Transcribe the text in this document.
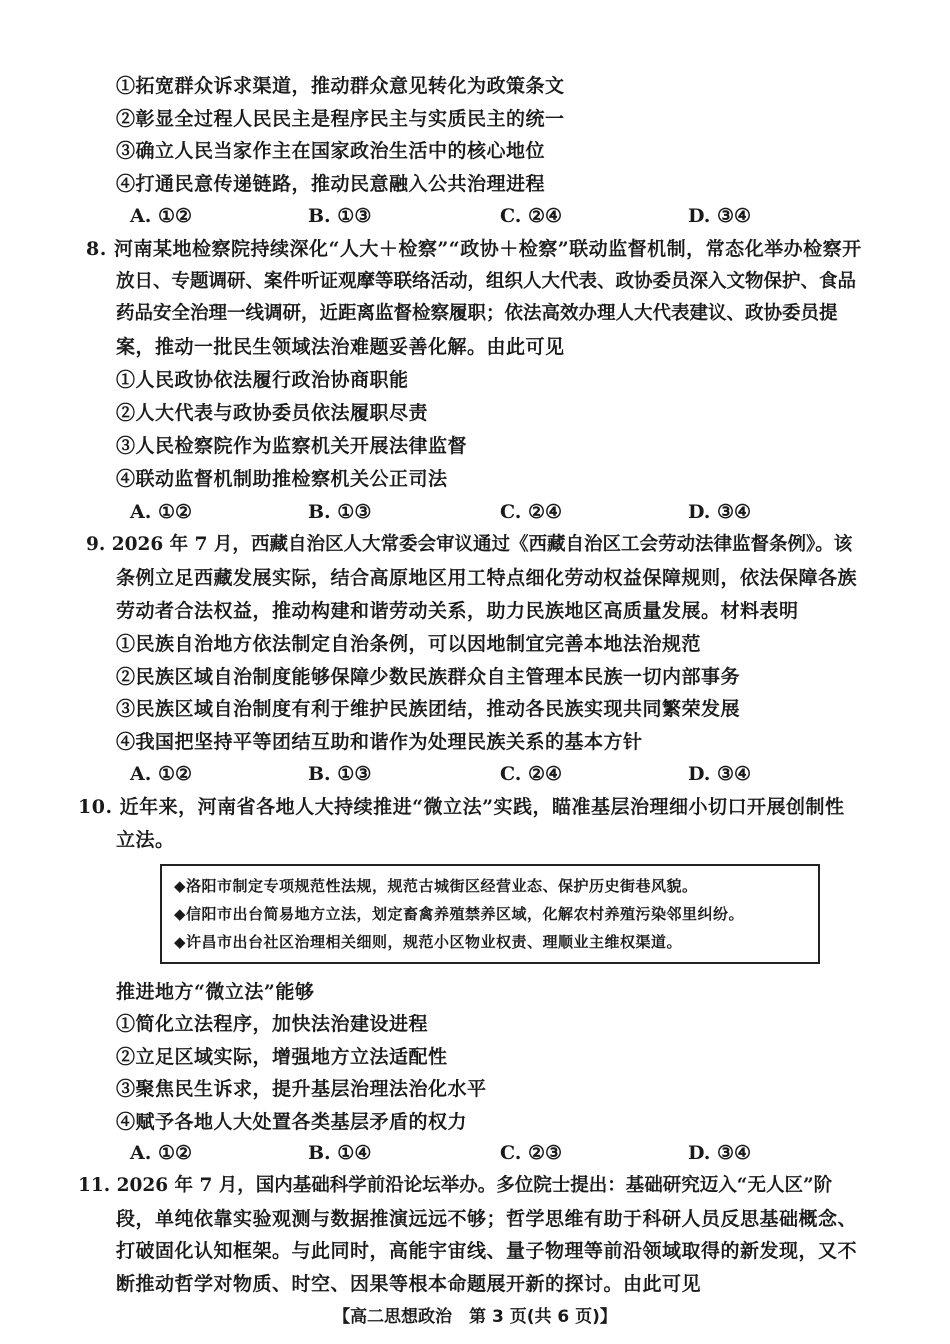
①拓宽群众诉求渠道，推动群众意见转化为政策条文
②彰显全过程人民民主是程序民主与实质民主的统一
③确立人民当家作主在国家政治生活中的核心地位
④打通民意传递链路，推动民意融入公共治理进程
A. ①②	B. ①③	C. ②④	D. ③④
8. 河南某地检察院持续深化“人大＋检察”“政协＋检察”联动监督机制，常态化举办检察开
放日、专题调研、案件听证观摩等联络活动，组织人大代表、政协委员深入文物保护、食品
药品安全治理一线调研，近距离监督检察履职；依法高效办理人大代表建议、政协委员提
案，推动一批民生领域法治难题妥善化解。由此可见
①人民政协依法履行政治协商职能
②人大代表与政协委员依法履职尽责
③人民检察院作为监察机关开展法律监督
④联动监督机制助推检察机关公正司法
A. ①②	B. ①③	C. ②④	D. ③④
9. 2026 年 7 月，西藏自治区人大常委会审议通过《西藏自治区工会劳动法律监督条例》。该
条例立足西藏发展实际，结合高原地区用工特点细化劳动权益保障规则，依法保障各族
劳动者合法权益，推动构建和谐劳动关系，助力民族地区高质量发展。材料表明
①民族自治地方依法制定自治条例，可以因地制宜完善本地法治规范
②民族区域自治制度能够保障少数民族群众自主管理本民族一切内部事务
③民族区域自治制度有利于维护民族团结，推动各民族实现共同繁荣发展
④我国把坚持平等团结互助和谐作为处理民族关系的基本方针
A. ①②	B. ①③	C. ②④	D. ③④
10. 近年来，河南省各地人大持续推进“微立法”实践，瞄准基层治理细小切口开展创制性
立法。
◆洛阳市制定专项规范性法规，规范古城街区经营业态、保护历史街巷风貌。
◆信阳市出台简易地方立法，划定畜禽养殖禁养区域，化解农村养殖污染邻里纠纷。
◆许昌市出台社区治理相关细则，规范小区物业权责、理顺业主维权渠道。
推进地方“微立法”能够
①简化立法程序，加快法治建设进程
②立足区域实际，增强地方立法适配性
③聚焦民生诉求，提升基层治理法治化水平
④赋予各地人大处置各类基层矛盾的权力
A. ①②	B. ①④	C. ②③	D. ③④
11. 2026 年 7 月，国内基础科学前沿论坛举办。多位院士提出：基础研究迈入“无人区”阶
段，单纯依靠实验观测与数据推演远远不够；哲学思维有助于科研人员反思基础概念、
打破固化认知框架。与此同时，高能宇宙线、量子物理等前沿领域取得的新发现，又不
断推动哲学对物质、时空、因果等根本命题展开新的探讨。由此可见
【高二思想政治　第 3 页(共 6 页)】
